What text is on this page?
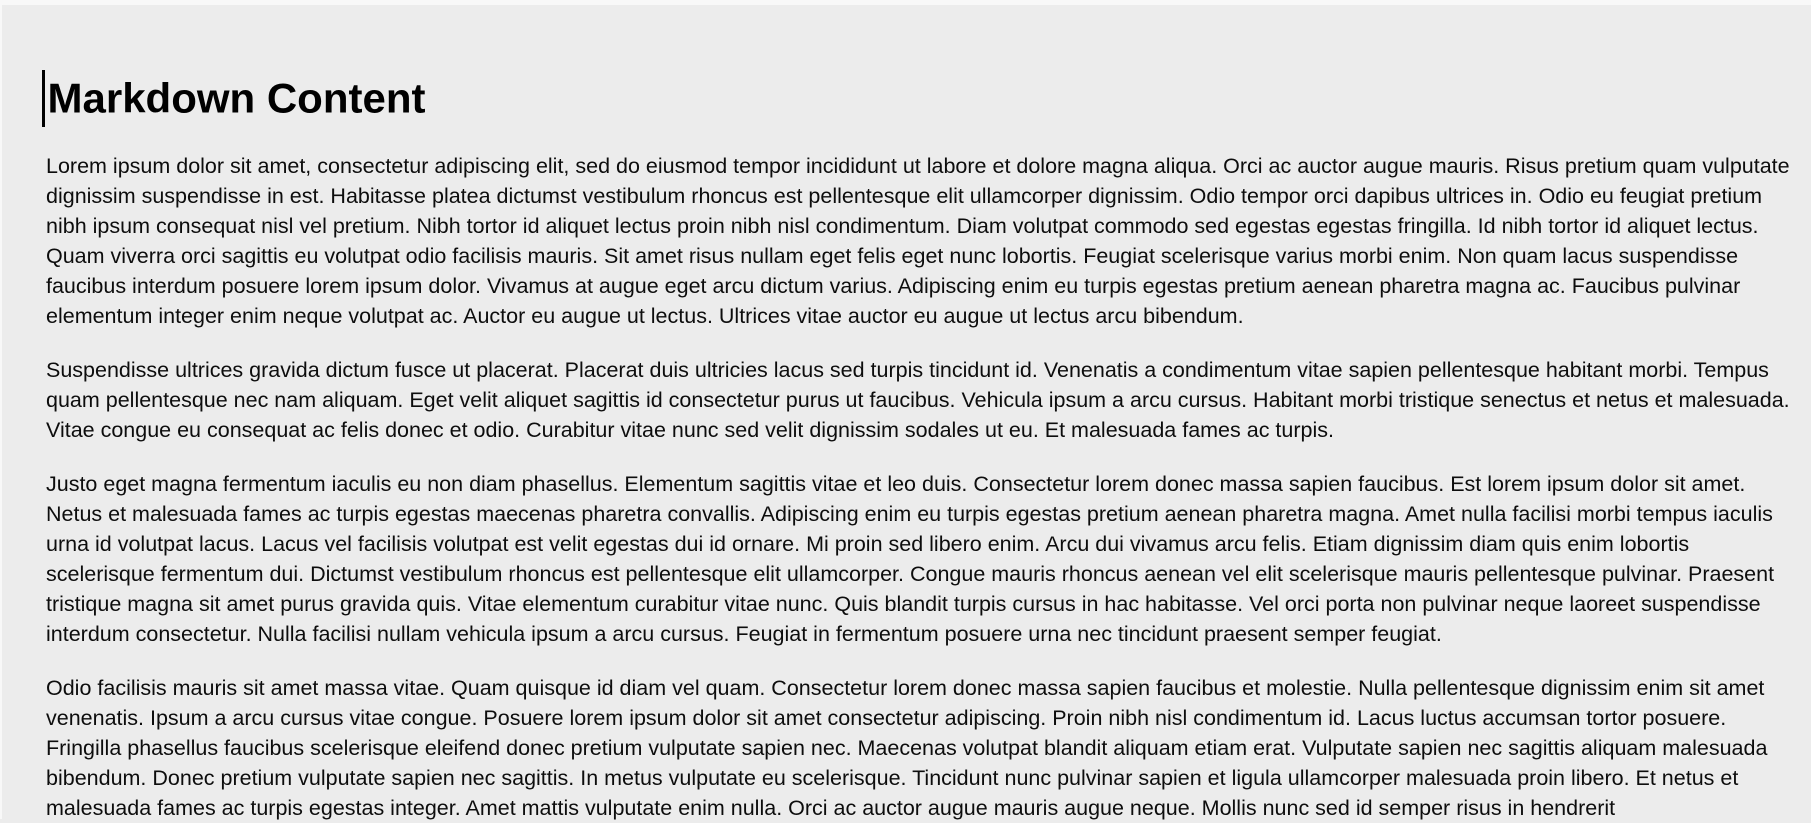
Markdown Content

Lorem ipsum dolor sit amet, consectetur adipiscing elit, sed do eiusmod tempor incididunt ut labore et dolore magna aliqua. Orci ac auctor augue mauris. Risus pretium quam vulputate dignissim suspendisse in est. Habitasse platea dictumst vestibulum rhoncus est pellentesque elit ullamcorper dignissim. Odio tempor orci dapibus ultrices in. Odio eu feugiat pretium nibh ipsum consequat nisl vel pretium. Nibh tortor id aliquet lectus proin nibh nisl condimentum. Diam volutpat commodo sed egestas egestas fringilla. Id nibh tortor id aliquet lectus. Quam viverra orci sagittis eu volutpat odio facilisis mauris. Sit amet risus nullam eget felis eget nunc lobortis. Feugiat scelerisque varius morbi enim. Non quam lacus suspendisse faucibus interdum posuere lorem ipsum dolor. Vivamus at augue eget arcu dictum varius. Adipiscing enim eu turpis egestas pretium aenean pharetra magna ac. Faucibus pulvinar elementum integer enim neque volutpat ac. Auctor eu augue ut lectus. Ultrices vitae auctor eu augue ut lectus arcu bibendum.

Suspendisse ultrices gravida dictum fusce ut placerat. Placerat duis ultricies lacus sed turpis tincidunt id. Venenatis a condimentum vitae sapien pellentesque habitant morbi. Tempus quam pellentesque nec nam aliquam. Eget velit aliquet sagittis id consectetur purus ut faucibus. Vehicula ipsum a arcu cursus. Habitant morbi tristique senectus et netus et malesuada. Vitae congue eu consequat ac felis donec et odio. Curabitur vitae nunc sed velit dignissim sodales ut eu. Et malesuada fames ac turpis.

Justo eget magna fermentum iaculis eu non diam phasellus. Elementum sagittis vitae et leo duis. Consectetur lorem donec massa sapien faucibus. Est lorem ipsum dolor sit amet. Netus et malesuada fames ac turpis egestas maecenas pharetra convallis. Adipiscing enim eu turpis egestas pretium aenean pharetra magna. Amet nulla facilisi morbi tempus iaculis urna id volutpat lacus. Lacus vel facilisis volutpat est velit egestas dui id ornare. Mi proin sed libero enim. Arcu dui vivamus arcu felis. Etiam dignissim diam quis enim lobortis scelerisque fermentum dui. Dictumst vestibulum rhoncus est pellentesque elit ullamcorper. Congue mauris rhoncus aenean vel elit scelerisque mauris pellentesque pulvinar. Praesent tristique magna sit amet purus gravida quis. Vitae elementum curabitur vitae nunc. Quis blandit turpis cursus in hac habitasse. Vel orci porta non pulvinar neque laoreet suspendisse interdum consectetur. Nulla facilisi nullam vehicula ipsum a arcu cursus. Feugiat in fermentum posuere urna nec tincidunt praesent semper feugiat.

Odio facilisis mauris sit amet massa vitae. Quam quisque id diam vel quam. Consectetur lorem donec massa sapien faucibus et molestie. Nulla pellentesque dignissim enim sit amet venenatis. Ipsum a arcu cursus vitae congue. Posuere lorem ipsum dolor sit amet consectetur adipiscing. Proin nibh nisl condimentum id. Lacus luctus accumsan tortor posuere. Fringilla phasellus faucibus scelerisque eleifend donec pretium vulputate sapien nec. Maecenas volutpat blandit aliquam etiam erat. Vulputate sapien nec sagittis aliquam malesuada bibendum. Donec pretium vulputate sapien nec sagittis. In metus vulputate eu scelerisque. Tincidunt nunc pulvinar sapien et ligula ullamcorper malesuada proin libero. Et netus et malesuada fames ac turpis egestas integer. Amet mattis vulputate enim nulla. Orci ac auctor augue mauris augue neque. Mollis nunc sed id semper risus in hendrerit
